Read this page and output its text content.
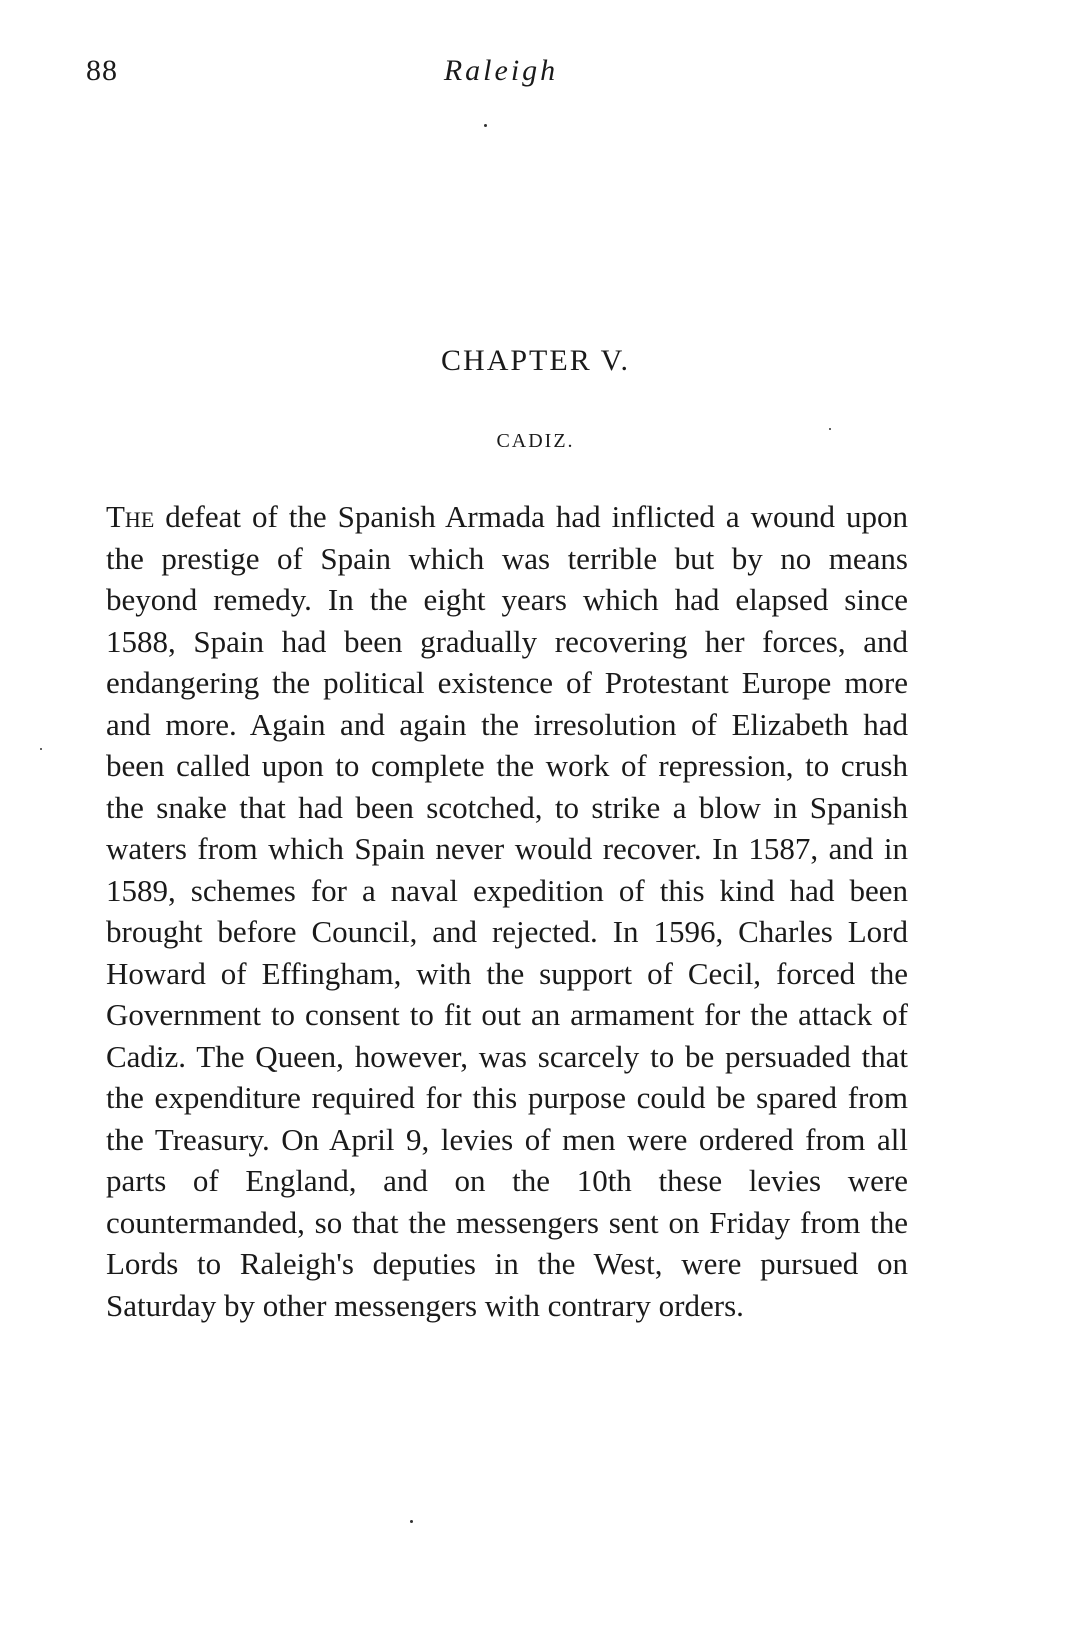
88	Raleigh
CHAPTER V.
CADIZ.
The defeat of the Spanish Armada had inflicted a wound upon the prestige of Spain which was terrible but by no means beyond remedy. In the eight years which had elapsed since 1588, Spain had been gradually recovering her forces, and endangering the political existence of Protestant Europe more and more. Again and again the irresolution of Elizabeth had been called upon to complete the work of repression, to crush the snake that had been scotched, to strike a blow in Spanish waters from which Spain never would recover. In 1587, and in 1589, schemes for a naval expedition of this kind had been brought before Council, and rejected. In 1596, Charles Lord Howard of Effingham, with the support of Cecil, forced the Government to consent to fit out an armament for the attack of Cadiz. The Queen, however, was scarcely to be persuaded that the expenditure required for this purpose could be spared from the Treasury. On April 9, levies of men were ordered from all parts of England, and on the 10th these levies were countermanded, so that the messengers sent on Friday from the Lords to Raleigh's deputies in the West, were pursued on Saturday by other messengers with contrary orders.
